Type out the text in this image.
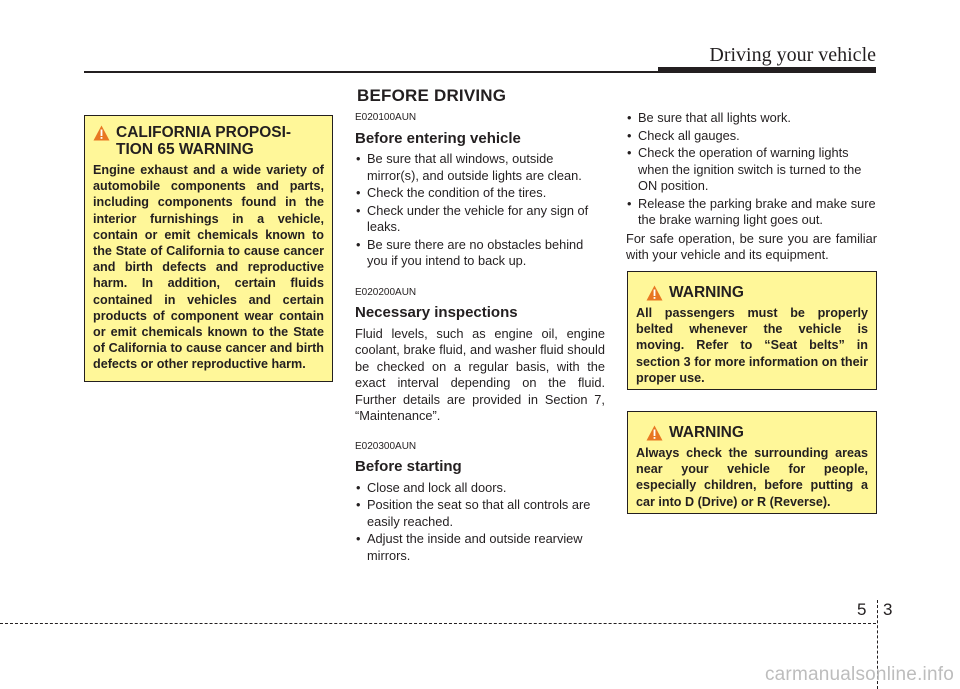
Driving your vehicle
BEFORE DRIVING
CALIFORNIA PROPOSI- TION 65 WARNING
Engine exhaust and a wide variety of automobile components and parts, including components found in the interior furnishings in a vehicle, contain or emit chemicals known to the State of California to cause cancer and birth defects and reproductive harm. In addition, certain fluids contained in vehicles and certain products of component wear contain or emit chemicals known to the State of California to cause cancer and birth defects or other reproductive harm.
E020100AUN
Before entering vehicle
• Be sure that all windows, outside mirror(s), and outside lights are clean.
• Check the condition of the tires.
• Check under the vehicle for any sign of leaks.
• Be sure there are no obstacles behind you if you intend to back up.
E020200AUN
Necessary inspections

Fluid levels, such as engine oil, engine coolant, brake fluid, and washer fluid should be checked on a regular basis, with the exact interval depending on the fluid. Further details are provided in Section 7, “Maintenance”.

E020300AUN
Before starting
• Close and lock all doors.
• Position the seat so that all controls are easily reached.
• Adjust the inside and outside rearview mirrors.
• Be sure that all lights work.
• Check all gauges.
• Check the operation of warning lights when the ignition switch is turned to the ON position.
• Release the parking brake and make sure the brake warning light goes out.

For safe operation, be sure you are familiar with your vehicle and its equipment.

WARNING
All passengers must be properly belted whenever the vehicle is moving. Refer to “Seat belts” in section 3 for more information on their proper use.
WARNING
Always check the surrounding areas near your vehicle for people, especially children, before putting a car into D (Drive) or R (Reverse).
5 3
carmanualsonline.info
